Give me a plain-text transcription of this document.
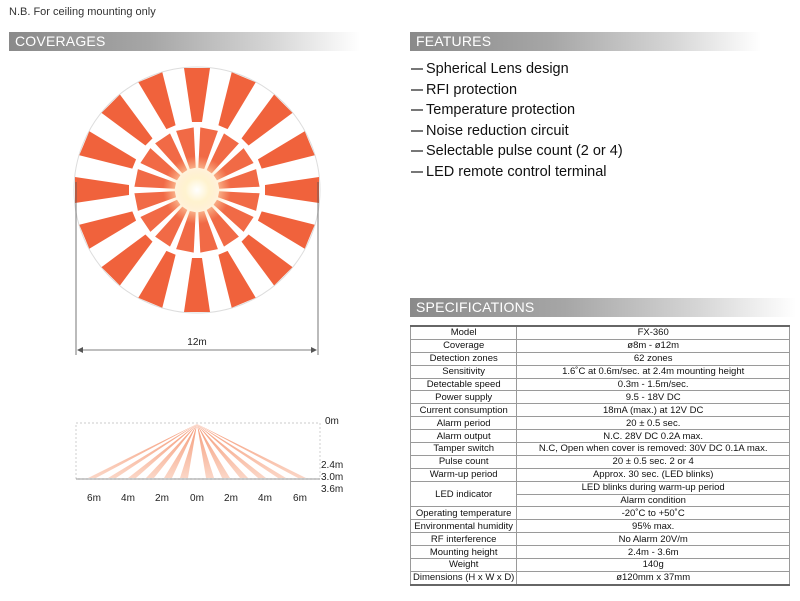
N.B. For ceiling mounting only
COVERAGES	FEATURES
SPECIFICATIONS
12m
0m
2.4m
3.0m
3.6m
6m 4m 2m 0m 2m 4m 6m
Spherical Lens design
RFI protection
Temperature protection
Noise reduction circuit
Selectable pulse count (2 or 4)
LED remote control terminal
Model	FX-360
Coverage	ø8m - ø12m
Detection zones	62 zones
Sensitivity	1.6˚C at 0.6m/sec. at 2.4m mounting height
Detectable speed	0.3m - 1.5m/sec.
Power supply	9.5 - 18V DC
Current consumption	18mA (max.) at 12V DC
Alarm period	20 ± 0.5 sec.
Alarm output	N.C. 28V DC 0.2A max.
Tamper switch	N.C, Open when cover is removed: 30V DC 0.1A max.
Pulse count	20 ± 0.5 sec. 2 or 4
Warm-up period	Approx. 30 sec. (LED blinks)
LED indicator	LED blinks during warm-up period
	Alarm condition
Operating temperature	-20˚C to +50˚C
Environmental humidity	95% max.
RF interference	No Alarm 20V/m
Mounting height	2.4m - 3.6m
Weight	140g
Dimensions (H x W x D)	ø120mm x 37mm
